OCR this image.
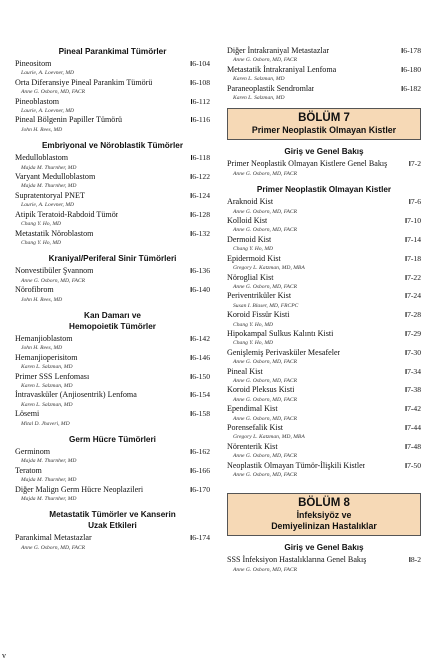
Pineal Parankimal Tümörler
Pineositom	I6-104
Laurie, A. Loevner, MD
Orta Diferansiye Pineal Parankim Tümörü	I6-108
Anne G. Osborn, MD, FACR
Pineoblastom	I6-112
Laurie, A. Loevner, MD
Pineal Bölgenin Papiller Tümörü	I6-116
John H. Rees, MD
Embriyonal ve Nöroblastik Tümörler
Medulloblastom	I6-118
Majda M. Thurnher, MD
Varyant Medulloblastom	I6-122
Majda M. Thurnher, MD
Supratentoryal PNET	I6-124
Laurie, A. Loevner, MD
Atipik Teratoid-Rabdoid Tümör	I6-128
Chang Y. Ho, MD
Metastatik Nöroblastom	I6-132
Chang Y. Ho, MD
Kraniyal/Periferal Sinir Tümörleri
Nonvestibüler Şvannom	I6-136
Anne G. Osborn, MD, FACR
Nörofibrom	I6-140
John H. Rees, MD
Kan Damarı ve
Hemopoietik Tümörler
Hemanjioblastom	I6-142
John H. Rees, MD
Hemanjioperisitom	I6-146
Karen L. Salzman, MD
Primer SSS Lenfoması	I6-150
Karen L. Salzman, MD
İntravasküler (Anjiosentrik) Lenfoma	I6-154
Karen L. Salzman, MD
Lösemi	I6-158
Mital D. Jhaveri, MD
Germ Hücre Tümörleri
Germinom	I6-162
Majda M. Thurnher, MD
Teratom	I6-166
Majda M. Thurnher, MD
Diğer Malign Germ Hücre Neoplazileri	I6-170
Majda M. Thurnher, MD
Metastatik Tümörler ve Kanserin
Uzak Etkileri
Parankimal Metastazlar	I6-174
Anne G. Osborn, MD, FACR
Diğer İntrakraniyal Metastazlar	I6-178
Anne G. Osborn, MD, FACR
Metastatik İntrakraniyal Lenfoma	I6-180
Karen L. Salzman, MD
Paraneoplastik Sendromlar	I6-182
Karen L. Salzman, MD
BÖLÜM 7
Primer Neoplastik Olmayan Kistler
Giriş ve Genel Bakış
Primer Neoplastik Olmayan Kistlere Genel Bakış	I7-2
Anne G. Osborn, MD, FACR
Primer Neoplastik Olmayan Kistler
Araknoid Kist	I7-6
Anne G. Osborn, MD, FACR
Kolloid Kist	I7-10
Anne G. Osborn, MD, FACR
Dermoid Kist	I7-14
Chang Y. Ho, MD
Epidermoid Kist	I7-18
Gregory L. Katzman, MD, MBA
Nöroglial Kist	I7-22
Anne G. Osborn, MD, FACR
Periventriküler Kist	I7-24
Susan I. Blaser, MD, FRCPC
Koroid Fissür Kisti	I7-28
Chang Y. Ho, MD
Hipokampal Sulkus Kalıntı Kisti	I7-29
Chang Y. Ho, MD
Genişlemiş Perivasküler Mesafeler	I7-30
Anne G. Osborn, MD, FACR
Pineal Kist	I7-34
Anne G. Osborn, MD, FACR
Koroid Pleksus Kisti	I7-38
Anne G. Osborn, MD, FACR
Ependimal Kist	I7-42
Anne G. Osborn, MD, FACR
Porensefalik Kist	I7-44
Gregory L. Katzman, MD, MBA
Nörenterik Kist	I7-48
Anne G. Osborn, MD, FACR
Neoplastik Olmayan Tümör-İlişkili Kistler	I7-50
Anne G. Osborn, MD, FACR
BÖLÜM 8
İnfeksiyöz ve
Demiyelinizan Hastalıklar
Giriş ve Genel Bakış
SSS İnfeksiyon Hastalıklarına Genel Bakış	I8-2
Anne G. Osborn, MD, FACR
v
